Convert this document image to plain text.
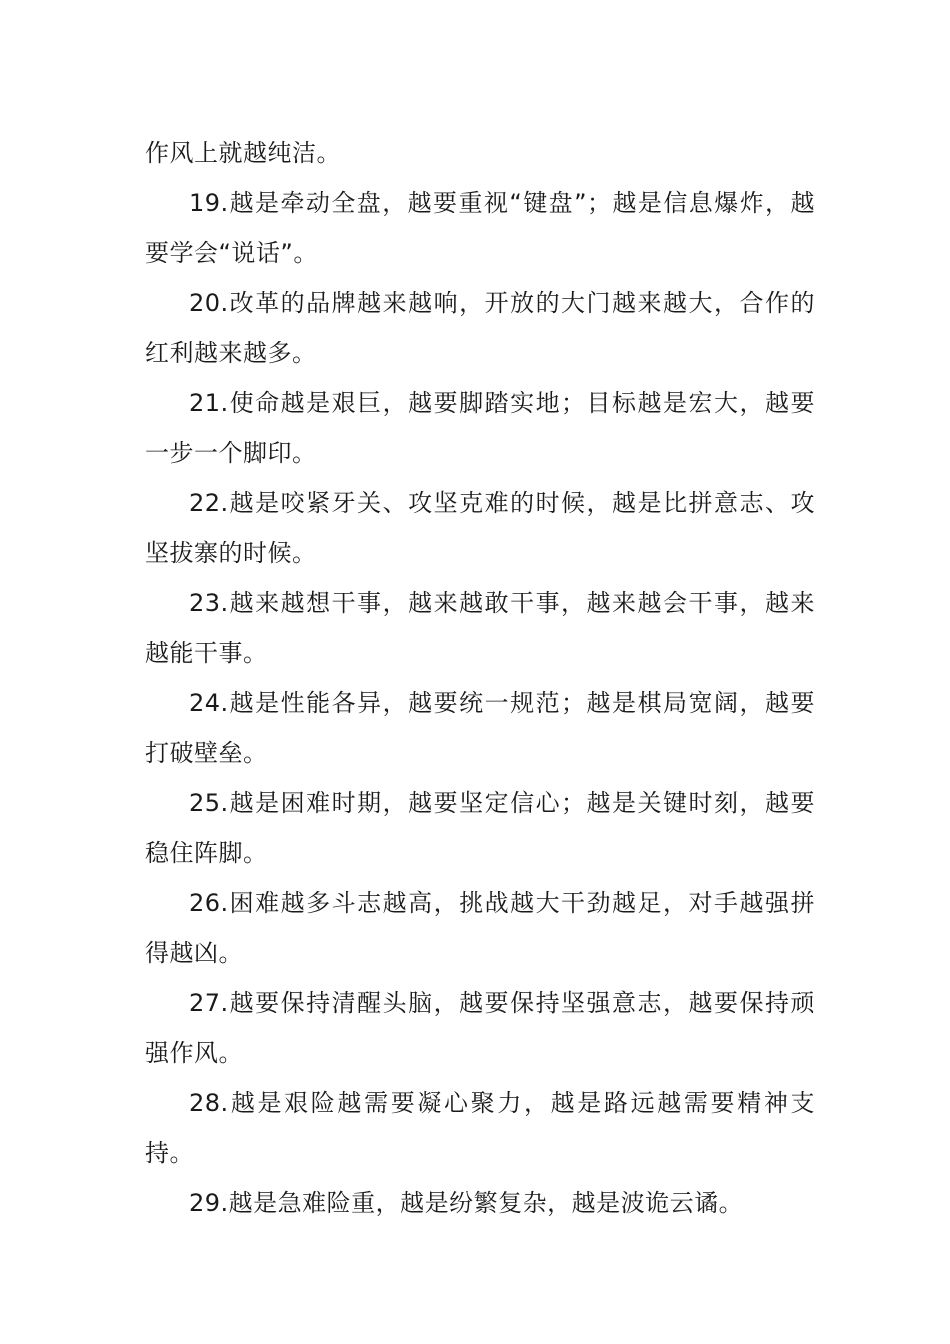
作风上就越纯洁。

19.越是牵动全盘，越要重视“键盘”；越是信息爆炸，越要学会“说话”。

20.改革的品牌越来越响，开放的大门越来越大，合作的红利越来越多。

21.使命越是艰巨，越要脚踏实地；目标越是宏大，越要一步一个脚印。

22.越是咬紧牙关、攻坚克难的时候，越是比拼意志、攻坚拔寨的时候。

23.越来越想干事，越来越敢干事，越来越会干事，越来越能干事。

24.越是性能各异，越要统一规范；越是棋局宽阔，越要打破壁垒。

25.越是困难时期，越要坚定信心；越是关键时刻，越要稳住阵脚。

26.困难越多斗志越高，挑战越大干劲越足，对手越强拼得越凶。

27.越要保持清醒头脑，越要保持坚强意志，越要保持顽强作风。

28.越是艰险越需要凝心聚力，越是路远越需要精神支持。

29.越是急难险重，越是纷繁复杂，越是波诡云谲。
